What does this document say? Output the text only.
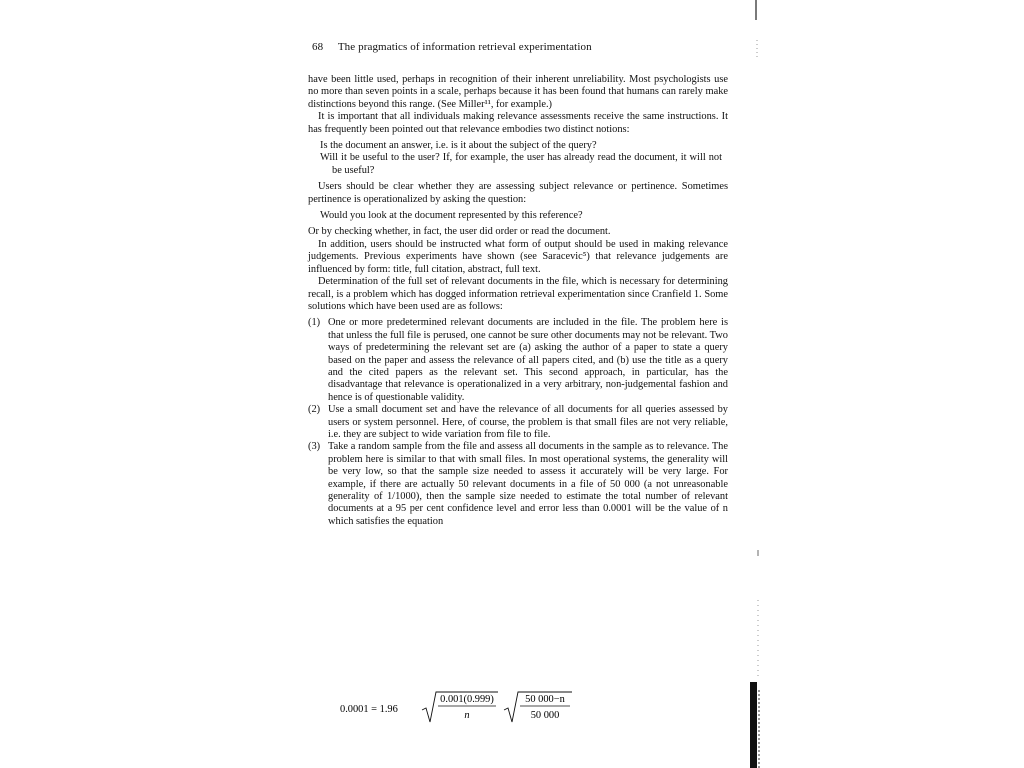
68 The pragmatics of information retrieval experimentation

have been little used, perhaps in recognition of their inherent unreliability. Most psychologists use no more than seven points in a scale, perhaps because it has been found that humans can rarely make distinctions beyond this range. (See Miller¹¹, for example.)

It is important that all individuals making relevance assessments receive the same instructions. It has frequently been pointed out that relevance embodies two distinct notions:

Is the document an answer, i.e. is it about the subject of the query?

Will it be useful to the user? If, for example, the user has already read the document, it will not be useful?

Users should be clear whether they are assessing subject relevance or pertinence. Sometimes pertinence is operationalized by asking the question:

Would you look at the document represented by this reference?

Or by checking whether, in fact, the user did order or read the document.

In addition, users should be instructed what form of output should be used in making relevance judgements. Previous experiments have shown (see Saracevic⁵) that relevance judgements are influenced by form: title, full citation, abstract, full text.

Determination of the full set of relevant documents in the file, which is necessary for determining recall, is a problem which has dogged information retrieval experimentation since Cranfield 1. Some solutions which have been used are as follows:

(1) One or more predetermined relevant documents are included in the file. The problem here is that unless the full file is perused, one cannot be sure other documents may not be relevant. Two ways of predetermining the relevant set are (a) asking the author of a paper to state a query based on the paper and assess the relevance of all papers cited, and (b) use the title as a query and the cited papers as the relevant set. This second approach, in particular, has the disadvantage that relevance is operationalized in a very arbitrary, non-judgemental fashion and hence is of questionable validity.
(2) Use a small document set and have the relevance of all documents for all queries assessed by users or system personnel. Here, of course, the problem is that small files are not very reliable, i.e. they are subject to wide variation from file to file.
(3) Take a random sample from the file and assess all documents in the sample as to relevance. The problem here is similar to that with small files. In most operational systems, the generality will be very low, so that the sample size needed to assess it accurately will be very large. For example, if there are actually 50 relevant documents in a file of 50 000 (a not unreasonable generality of 1/1000), then the sample size needed to estimate the total number of relevant documents at a 95 per cent confidence level and error less than 0.0001 will be the value of n which satisfies the equation
0.0001 = 1.96
0.001(0.999)
n
50 000−n
50 000
